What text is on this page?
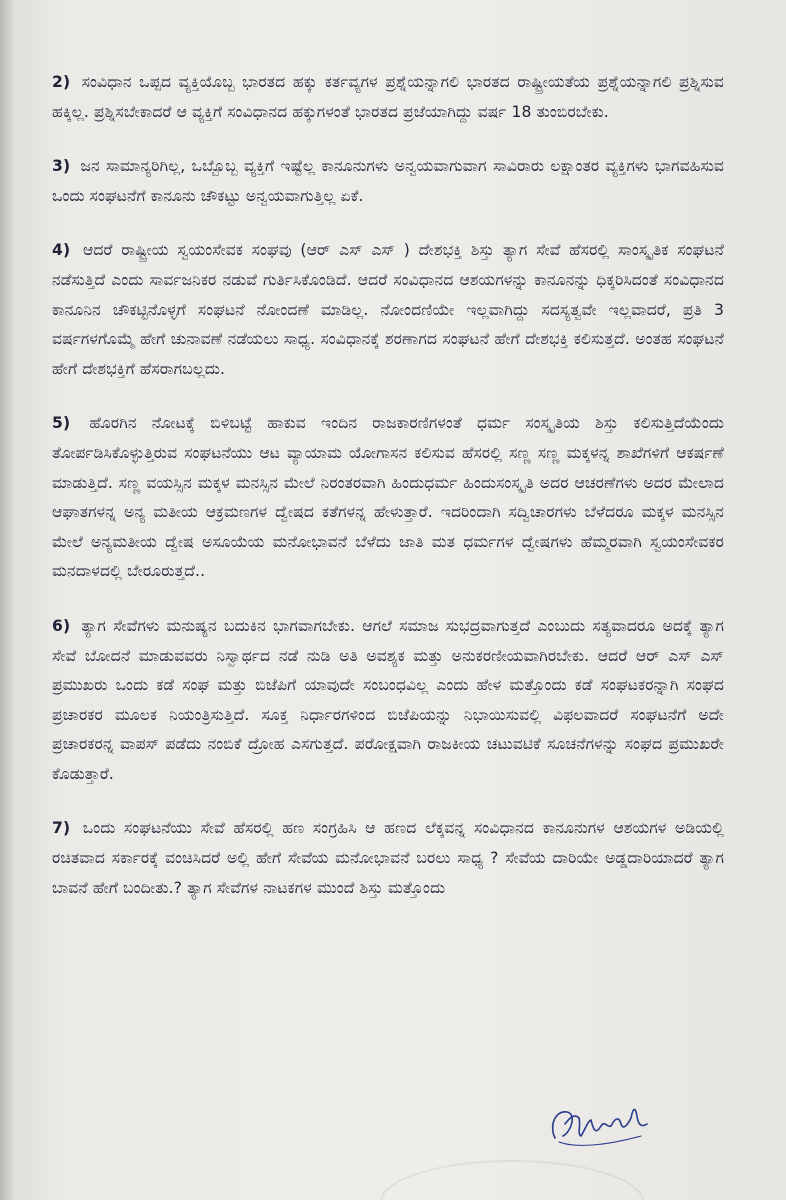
2) ಸಂವಿಧಾನ ಒಪ್ಪದ ವ್ಯಕ್ತಿಯೊಬ್ಬ ಭಾರತದ ಹಕ್ಕು ಕರ್ತವ್ಯಗಳ ಪ್ರಶ್ನೆಯನ್ನಾಗಲಿ ಭಾರತದ ರಾಷ್ಟ್ರೀಯತೆಯ ಪ್ರಶ್ನೆಯನ್ನಾಗಲಿ ಪ್ರಶ್ನಿಸುವ ಹಕ್ಕಿಲ್ಲ. ಪ್ರಶ್ನಿಸಬೇಕಾದರೆ ಆ ವ್ಯಕ್ತಿಗೆ ಸಂವಿಧಾನದ ಹಕ್ಕುಗಳಂತೆ ಭಾರತದ ಪ್ರಜೆಯಾಗಿದ್ದು ವರ್ಷ 18 ತುಂಬಿರಬೇಕು.

3) ಜನ ಸಾಮಾನ್ಯರಿಗಿಲ್ಲ, ಒಬ್ಬೊಬ್ಬ ವ್ಯಕ್ತಿಗೆ ಇಷ್ಟೆಲ್ಲ ಕಾನೂನುಗಳು ಅನ್ವಯವಾಗುವಾಗ ಸಾವಿರಾರು ಲಕ್ಷಾಂತರ ವ್ಯಕ್ತಿಗಳು ಭಾಗವಹಿಸುವ ಒಂದು ಸಂಘಟನೆಗೆ ಕಾನೂನು ಚೌಕಟ್ಟು ಅನ್ವಯವಾಗುತ್ತಿಲ್ಲ ಏಕೆ.

4) ಆದರೆ ರಾಷ್ಟ್ರೀಯ ಸ್ವಯಂಸೇವಕ ಸಂಘವು (ಆರ್ ಎಸ್ ಎಸ್ ) ದೇಶಭಕ್ತಿ ಶಿಸ್ತು ತ್ಯಾಗ ಸೇವೆ ಹೆಸರಲ್ಲಿ ಸಾಂಸ್ಕೃತಿಕ ಸಂಘಟನೆ ನಡೆಸುತ್ತಿದೆ ಎಂದು ಸಾರ್ವಜನಿಕರ ನಡುವೆ ಗುರ್ತಿಸಿಕೊಂಡಿದೆ. ಆದರೆ ಸಂವಿಧಾನದ ಆಶಯಗಳನ್ನು ಕಾನೂನನ್ನು ಧಿಕ್ಕರಿಸಿದಂತೆ ಸಂವಿಧಾನದ ಕಾನೂನಿನ ಚೌಕಟ್ಟಿನೊಳ್ಳಗೆ ಸಂಘಟನೆ ನೋಂದಣೆ ಮಾಡಿಲ್ಲ. ನೋಂದಣಿಯೇ ಇಲ್ಲವಾಗಿದ್ದು ಸದಸ್ಯತ್ವವೇ ಇಲ್ಲವಾದರೆ, ಪ್ರತಿ 3 ವರ್ಷಗಳಗೊಮ್ಮೆ ಹೇಗೆ ಚುನಾವಣೆ ನಡೆಯಲು ಸಾಧ್ಯ. ಸಂವಿಧಾನಕ್ಕೆ ಶರಣಾಗದ ಸಂಘಟನೆ ಹೇಗೆ ದೇಶಭಕ್ತಿ ಕಲಿಸುತ್ತದೆ. ಅಂತಹ ಸಂಘಟನೆ ಹೇಗೆ ದೇಶಭಕ್ತಿಗೆ ಹೆಸರಾಗಬಲ್ಲದು.

5) ಹೊರಗಿನ ನೋಟಕ್ಕೆ ಬಿಳಿಬಟ್ಟೆ ಹಾಕುವ ಇಂದಿನ ರಾಜಕಾರಣಿಗಳಂತೆ ಧರ್ಮ ಸಂಸ್ಕೃತಿಯ ಶಿಸ್ತು ಕಲಿಸುತ್ತಿದೆಯೆಂದು ತೋರ್ಪಡಿಸಿಕೊಳ್ಳುತ್ತಿರುವ ಸಂಘಟನೆಯು ಆಟ ವ್ಯಾಯಾಮ ಯೋಗಾಸನ ಕಲಿಸುವ ಹೆಸರಲ್ಲಿ ಸಣ್ಣ ಸಣ್ಣ ಮಕ್ಕಳನ್ನ ಶಾಖೆಗಳಿಗೆ ಆಕರ್ಷಣೆ ಮಾಡುತ್ತಿದೆ. ಸಣ್ಣ ವಯಸ್ಸಿನ ಮಕ್ಕಳ ಮನಸ್ಸಿನ ಮೇಲೆ ನಿರಂತರವಾಗಿ ಹಿಂದುಧರ್ಮ ಹಿಂದುಸಂಸ್ಕೃತಿ ಅದರ ಆಚರಣೆಗಳು ಅದರ ಮೇಲಾದ ಆಘಾತಗಳನ್ನ ಅನ್ಯ ಮತೀಯ ಆಕ್ರಮಣಗಳ ದ್ವೇಷದ ಕತೆಗಳನ್ನ ಹೇಳುತ್ತಾರೆ. ಇದರಿಂದಾಗಿ ಸದ್ವಿಚಾರಗಳು ಬೆಳೆದರೂ ಮಕ್ಕಳ ಮನಸ್ಸಿನ ಮೇಲೆ ಅನ್ಯಮತೀಯ ದ್ವೇಷ ಅಸೂಯೆಯ ಮನೋಭಾವನೆ ಬೆಳೆದು ಜಾತಿ ಮತ ಧರ್ಮಗಳ ದ್ವೇಷಗಳು ಹೆಮ್ಮರವಾಗಿ ಸ್ವಯಂಸೇವಕರ ಮನದಾಳದಲ್ಲಿ ಬೇರೂರುತ್ತದೆ..

6) ತ್ಯಾಗ ಸೇವೆಗಳು ಮನುಷ್ಯನ ಬದುಕಿನ ಭಾಗವಾಗಬೇಕು. ಆಗಲೆ ಸಮಾಜ ಸುಭದ್ರವಾಗುತ್ತದೆ ಎಂಬುದು ಸತ್ಯವಾದರೂ ಅದಕ್ಕೆ ತ್ಯಾಗ ಸೇವೆ ಬೋದನೆ ಮಾಡುವವರು ನಿಸ್ವಾರ್ಥದ ನಡೆ ನುಡಿ ಅತಿ ಅವಶ್ಯಕ ಮತ್ತು ಅನುಕರಣೀಯವಾಗಿರಬೇಕು. ಆದರೆ ಆರ್ ಎಸ್ ಎಸ್ ಪ್ರಮುಖರು ಒಂದು ಕಡೆ ಸಂಘ ಮತ್ತು ಬಿಜೆಪಿಗೆ ಯಾವುದೇ ಸಂಬಂಧವಿಲ್ಲ ಎಂದು ಹೇಳ ಮತ್ತೊಂದು ಕಡೆ ಸಂಘಟಕರನ್ನಾಗಿ ಸಂಘದ ಪ್ರಚಾರಕರ ಮೂಲಕ ನಿಯಂತ್ರಿಸುತ್ತಿದೆ. ಸೂಕ್ತ ನಿರ್ಧಾರಗಳಿಂದ ಬಿಜೆಪಿಯನ್ನು ನಿಭಾಯಿಸುವಲ್ಲಿ ವಿಫಲವಾದರೆ ಸಂಘಟನೆಗೆ ಅದೇ ಪ್ರಚಾರಕರನ್ನ ವಾಪಸ್ ಪಡೆದು ನಂಬಿಕೆ ದ್ರೋಹ ಎಸಗುತ್ತದೆ. ಪರೋಕ್ಷವಾಗಿ ರಾಜಕೀಯ ಚಟುವಟಿಕೆ ಸೂಚನೆಗಳನ್ನು ಸಂಘದ ಪ್ರಮುಖರೇ ಕೊಡುತ್ತಾರೆ.

7) ಒಂದು ಸಂಘಟನೆಯು ಸೇವೆ ಹೆಸರಲ್ಲಿ ಹಣ ಸಂಗ್ರಹಿಸಿ ಆ ಹಣದ ಲೆಕ್ಕವನ್ನ ಸಂವಿಧಾನದ ಕಾನೂನುಗಳ ಆಶಯಗಳ ಅಡಿಯಲ್ಲಿ ರಚಿತವಾದ ಸರ್ಕಾರಕ್ಕೆ ವಂಚಿಸಿದರೆ ಅಲ್ಲಿ ಹೇಗೆ ಸೇವೆಯ ಮನೋಭಾವನೆ ಬರಲು ಸಾಧ್ಯ ? ಸೇವೆಯ ದಾರಿಯೇ ಅಡ್ಡದಾರಿಯಾದರೆ ತ್ಯಾಗ ಬಾವನೆ ಹೇಗೆ ಬಂದೀತು.? ತ್ಯಾಗ ಸೇವೆಗಳ ನಾಟಕಗಳ ಮುಂದೆ ಶಿಸ್ತು ಮತ್ತೊಂದು
